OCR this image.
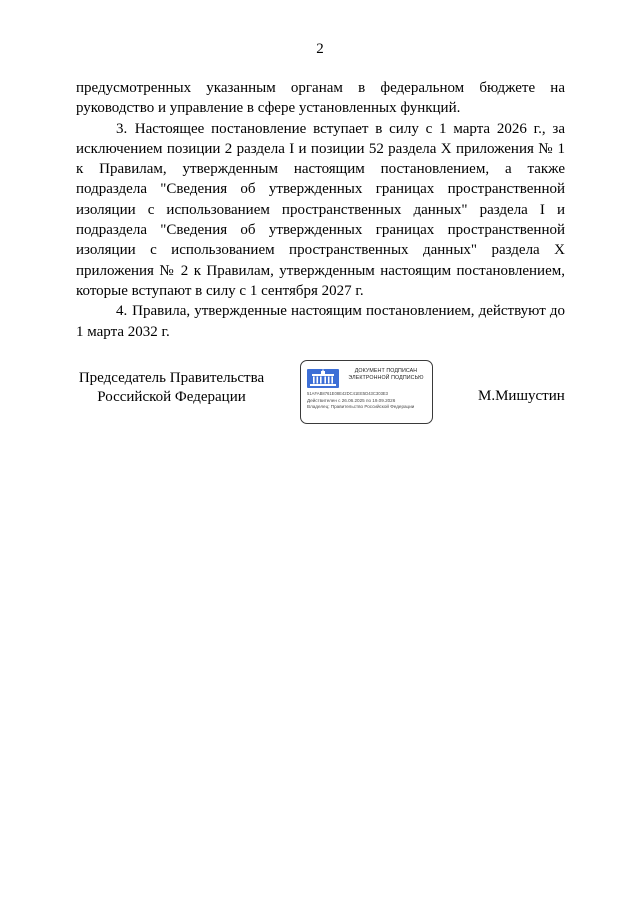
2

предусмотренных указанным органам в федеральном бюджете на руководство и управление в сфере установленных функций.

3. Настоящее постановление вступает в силу с 1 марта 2026 г., за исключением позиции 2 раздела I и позиции 52 раздела X приложения № 1 к Правилам, утвержденным настоящим постановлением, а также подраздела "Сведения об утвержденных границах пространственной изоляции с использованием пространственных данных" раздела I и подраздела "Сведения об утвержденных границах пространственной изоляции с использованием пространственных данных" раздела X приложения № 2 к Правилам, утвержденным настоящим постановлением, которые вступают в силу с 1 сентября 2027 г.

4. Правила, утвержденные настоящим постановлением, действуют до 1 марта 2032 г.

Председатель Правительства
Российской Федерации
ДОКУМЕНТ ПОДПИСАН
ЭЛЕКТРОННОЙ ПОДПИСЬЮ
51AFAB8761E08E42DC41EE5D43C303E3
Действителен с 26.06.2025 по 19.09.2026
Владелец: Правительство Российской Федерации
М.Мишустин
